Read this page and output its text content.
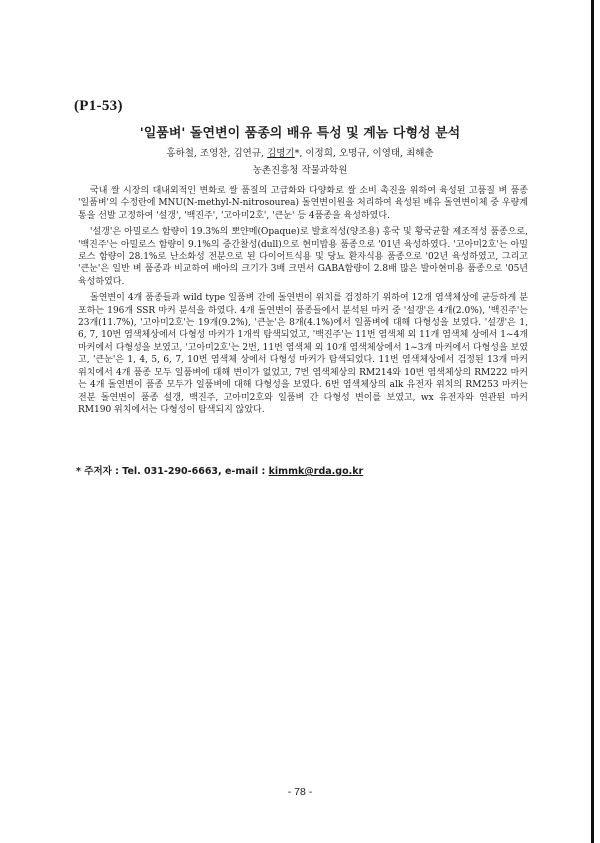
(P1-53)
'일품벼' 돌연변이 품종의 배유 특성 및 계놈 다형성 분석
홍하철, 조영찬, 김연규, 김명기*, 이정희, 오명규, 이영태, 최해춘
농촌진흥청 작물과학원

국내 쌀 시장의 대내외적인 변화로 쌀 품질의 고급화와 다양화로 쌀 소비 촉진을 위하여 육성된 고품질 벼 품종 '일품벼'의 수정란에 MNU(N-methyl-N-nitrosourea) 돌연변이원을 처리하여 육성된 배유 돌연변이체 중 우량계통을 선발 고정하여 '설갱', '백진주', '고아미2호', '큰눈' 등 4품종을 육성하였다.

'설갱'은 아밀로스 함량이 19.3%의 뽀얀메(Opaque)로 발효적성(양조용) 흥국 및 황국균할 제조적성 품종으로, '백진주'는 아밀로스 함량이 9.1%의 중간찰성(dull)으로 현미밥용 품종으로 '01년 육성하였다. '고아미2호'는 아밀로스 함량이 28.1%로 난소화성 전분으로 된 다이어트식용 및 당뇨 환자식용 품종으로 '02년 육성하였고, 그리고 '큰눈'은 일반 벼 품종과 비교하여 배아의 크기가 3배 크면서 GABA함량이 2.8배 많은 발아현미용 품종으로 '05년 육성하였다.

돌연변이 4개 품종들과 wild type 일품벼 간에 돌연변이 위치를 검정하기 위하여 12개 염색체상에 균등하게 분포하는 196개 SSR 마커 분석을 하였다. 4개 돌연변이 품종들에서 분석된 마커 중 '설갱'은 4개(2.0%), '백진주'는 23개(11.7%), '고아미2호'는 19개(9.2%), '큰눈'은 8개(4.1%)에서 일품벼에 대해 다형성을 보였다. '설갱'은 1, 6, 7, 10번 염색체상에서 다형성 마커가 1개씩 탐색되었고, '백진주'는 11번 염색체 외 11개 염색체 상에서 1~4개 마커에서 다형성을 보였고, '고아미2호'는 2번, 11번 염색체 외 10개 염색체상에서 1~3개 마커에서 다형성을 보였고, '큰눈'은 1, 4, 5, 6, 7, 10번 염색체 상에서 다형성 마커가 탐색되었다. 11번 염색체상에서 검정된 13개 마커 위치에서 4개 품종 모두 일품벼에 대해 변이가 없었고, 7번 염색체상의 RM214와 10번 염색체상의 RM222 마커는 4개 돌연변이 품종 모두가 일품벼에 대해 다형성을 보였다. 6번 염색체상의 alk 유전자 위치의 RM253 마커는 전분 돌연변이 품종 설갱, 백진주, 고아미2호와 일품벼 간 다형성 변이를 보였고, wx 유전자와 연관된 마커 RM190 위치에서는 다형성이 탐색되지 않았다.

* 주저자 : Tel. 031-290-6663, e-mail : kimmk@rda.go.kr
- 78 -
